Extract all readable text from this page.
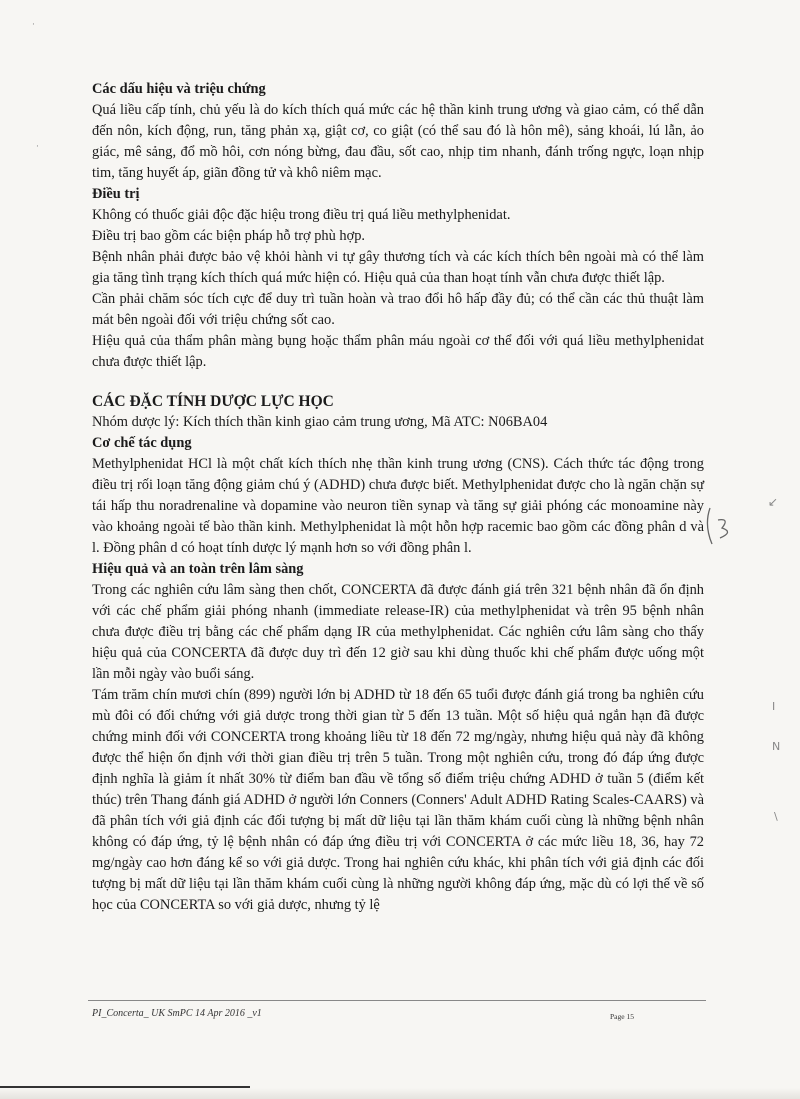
Các dấu hiệu và triệu chứng

Quá liều cấp tính, chủ yếu là do kích thích quá mức các hệ thần kinh trung ương và giao cảm, có thể dẫn đến nôn, kích động, run, tăng phản xạ, giật cơ, co giật (có thể sau đó là hôn mê), sảng khoái, lú lẫn, ảo giác, mê sảng, đổ mồ hôi, cơn nóng bừng, đau đầu, sốt cao, nhịp tim nhanh, đánh trống ngực, loạn nhịp tim, tăng huyết áp, giãn đồng tử và khô niêm mạc.

Điều trị

Không có thuốc giải độc đặc hiệu trong điều trị quá liều methylphenidat.

Điều trị bao gồm các biện pháp hỗ trợ phù hợp.

Bệnh nhân phải được bảo vệ khỏi hành vi tự gây thương tích và các kích thích bên ngoài mà có thể làm gia tăng tình trạng kích thích quá mức hiện có. Hiệu quả của than hoạt tính vẫn chưa được thiết lập.

Cần phải chăm sóc tích cực để duy trì tuần hoàn và trao đổi hô hấp đầy đủ; có thể cần các thủ thuật làm mát bên ngoài đối với triệu chứng sốt cao.

Hiệu quả của thẩm phân màng bụng hoặc thẩm phân máu ngoài cơ thể đối với quá liều methylphenidat chưa được thiết lập.

CÁC ĐẶC TÍNH DƯỢC LỰC HỌC

Nhóm dược lý: Kích thích thần kinh giao cảm trung ương, Mã ATC: N06BA04

Cơ chế tác dụng

Methylphenidat HCl là một chất kích thích nhẹ thần kinh trung ương (CNS). Cách thức tác động trong điều trị rối loạn tăng động giảm chú ý (ADHD) chưa được biết. Methylphenidat được cho là ngăn chặn sự tái hấp thu noradrenaline và dopamine vào neuron tiền synap và tăng sự giải phóng các monoamine này vào khoảng ngoài tế bào thần kinh. Methylphenidat là một hỗn hợp racemic bao gồm các đồng phân d và l. Đồng phân d có hoạt tính dược lý mạnh hơn so với đồng phân l.

Hiệu quả và an toàn trên lâm sàng

Trong các nghiên cứu lâm sàng then chốt, CONCERTA đã được đánh giá trên 321 bệnh nhân đã ổn định với các chế phẩm giải phóng nhanh (immediate release-IR) của methylphenidat và trên 95 bệnh nhân chưa được điều trị bằng các chế phẩm dạng IR của methylphenidat. Các nghiên cứu lâm sàng cho thấy hiệu quả của CONCERTA đã được duy trì đến 12 giờ sau khi dùng thuốc khi chế phẩm được uống một lần mỗi ngày vào buổi sáng.

Tám trăm chín mươi chín (899) người lớn bị ADHD từ 18 đến 65 tuổi được đánh giá trong ba nghiên cứu mù đôi có đối chứng với giả dược trong thời gian từ 5 đến 13 tuần. Một số hiệu quả ngắn hạn đã được chứng minh đối với CONCERTA trong khoảng liều từ 18 đến 72 mg/ngày, nhưng hiệu quả này đã không được thể hiện ổn định với thời gian điều trị trên 5 tuần. Trong một nghiên cứu, trong đó đáp ứng được định nghĩa là giảm ít nhất 30% từ điểm ban đầu về tổng số điểm triệu chứng ADHD ở tuần 5 (điểm kết thúc) trên Thang đánh giá ADHD ở người lớn Conners (Conners' Adult ADHD Rating Scales-CAARS) và đã phân tích với giả định các đối tượng bị mất dữ liệu tại lần thăm khám cuối cùng là những bệnh nhân không có đáp ứng, tỷ lệ bệnh nhân có đáp ứng điều trị với CONCERTA ở các mức liều 18, 36, hay 72 mg/ngày cao hơn đáng kể so với giả dược. Trong hai nghiên cứu khác, khi phân tích với giả định các đối tượng bị mất dữ liệu tại lần thăm khám cuối cùng là những người không đáp ứng, mặc dù có lợi thế về số học của CONCERTA so với giả dược, nhưng tỷ lệ

PI_Concerta_ UK SmPC 14 Apr 2016 _v1	Page 15
·
·
↙
Ⅰ
N
\
